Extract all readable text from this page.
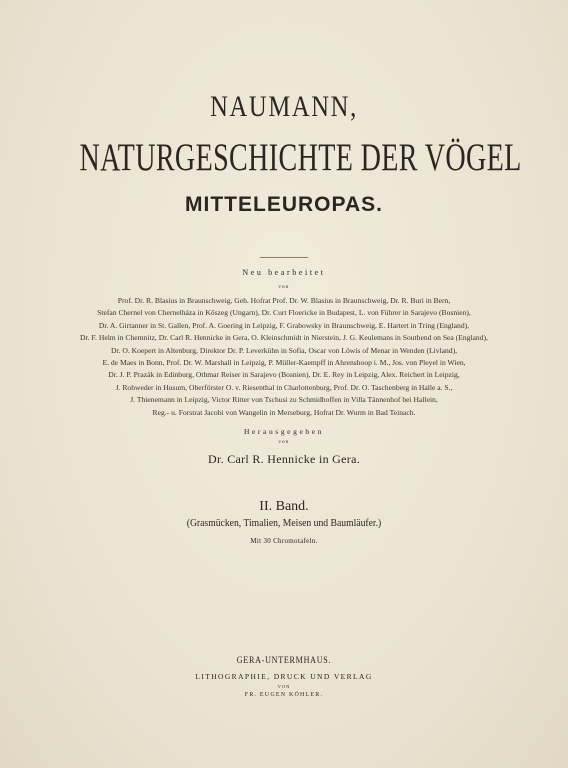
NAUMANN,
NATURGESCHICHTE DER VÖGEL
MITTELEUROPAS.
Neu bearbeitet
von
Prof. Dr. R. Blasius in Braunschweig, Geh. Hofrat Prof. Dr. W. Blasius in Braunschweig, Dr. R. Buri in Bern,
Stefan Chernel von Chernelháza in Kőszeg (Ungarn), Dr. Curt Floericke in Budapest, L. von Führer in Sarajevo (Bosnien),
Dr. A. Girtanner in St. Gallen, Prof. A. Goering in Leipzig, F. Grabowsky in Braunschweig, E. Hartert in Tring (England),
Dr. F. Helm in Chemnitz, Dr. Carl R. Hennicke in Gera, O. Kleinschmidt in Nierstein, J. G. Keulemans in Southend on Sea (England),
Dr. O. Koepert in Altenburg, Direktor Dr. P. Leverkühn in Sofia, Oscar von Löwis of Menar in Wenden (Livland),
E. de Maes in Bonn, Prof. Dr. W. Marshall in Leipzig, P. Müller-Kaempff in Ahrenshoop i. M., Jos. von Pleyel in Wien,
Dr. J. P. Prazák in Edinburg, Othmar Reiser in Sarajevo (Bosnien), Dr. E. Rey in Leipzig, Alex. Reichert in Leipzig,
J. Rohweder in Husum, Oberförster O. v. Riesenthal in Charlottenburg, Prof. Dr. O. Taschenberg in Halle a. S.,
J. Thienemann in Leipzig, Victor Ritter von Tschusi zu Schmidhoffen in Villa Tännenhof bei Hallein,
Reg.- u. Forstrat Jacobi von Wangelin in Merseburg, Hofrat Dr. Wurm in Bad Teinach.

Herausgegeben
von
Dr. Carl R. Hennicke in Gera.
II. Band.
(Grasmücken, Timalien, Meisen und Baumläufer.)
Mit 30 Chromotafeln.
GERA-UNTERMHAUS.
LITHOGRAPHIE, DRUCK UND VERLAG
VON
FR. EUGEN KÖHLER.
